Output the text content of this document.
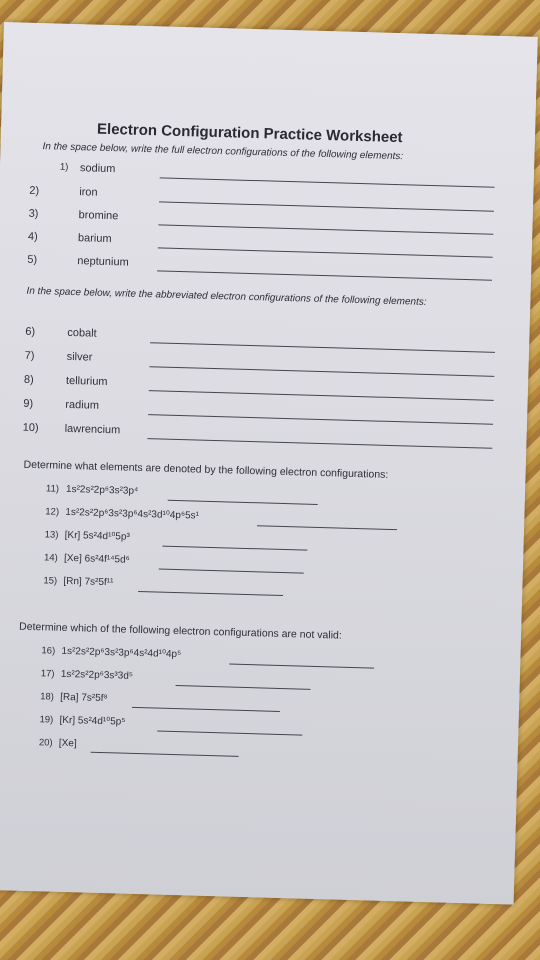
Electron Configuration Practice Worksheet
In the space below, write the full electron configurations of the following elements:
1) sodium
2)	iron
3)	bromine
4)	barium
5)	neptunium
In the space below, write the abbreviated electron configurations of the following elements:
6)	cobalt
7)	silver
8)	tellurium
9)	radium
10) lawrencium
Determine what elements are denoted by the following electron configurations:
11) 1s²2s²2p⁶3s²3p⁴
12) 1s²2s²2p⁶3s²3p⁶4s²3d¹⁰4p⁶5s¹
13) [Kr] 5s²4d¹⁰5p³
14) [Xe] 6s²4f¹⁴5d⁶
15) [Rn] 7s²5f¹¹
Determine which of the following electron configurations are not valid:
16) 1s²2s²2p⁶3s²3p⁶4s²4d¹⁰4p⁵
17) 1s²2s²2p⁶3s³3d⁵
18) [Ra] 7s²5f⁸
19) [Kr] 5s²4d¹⁰5p⁵
20) [Xe]
